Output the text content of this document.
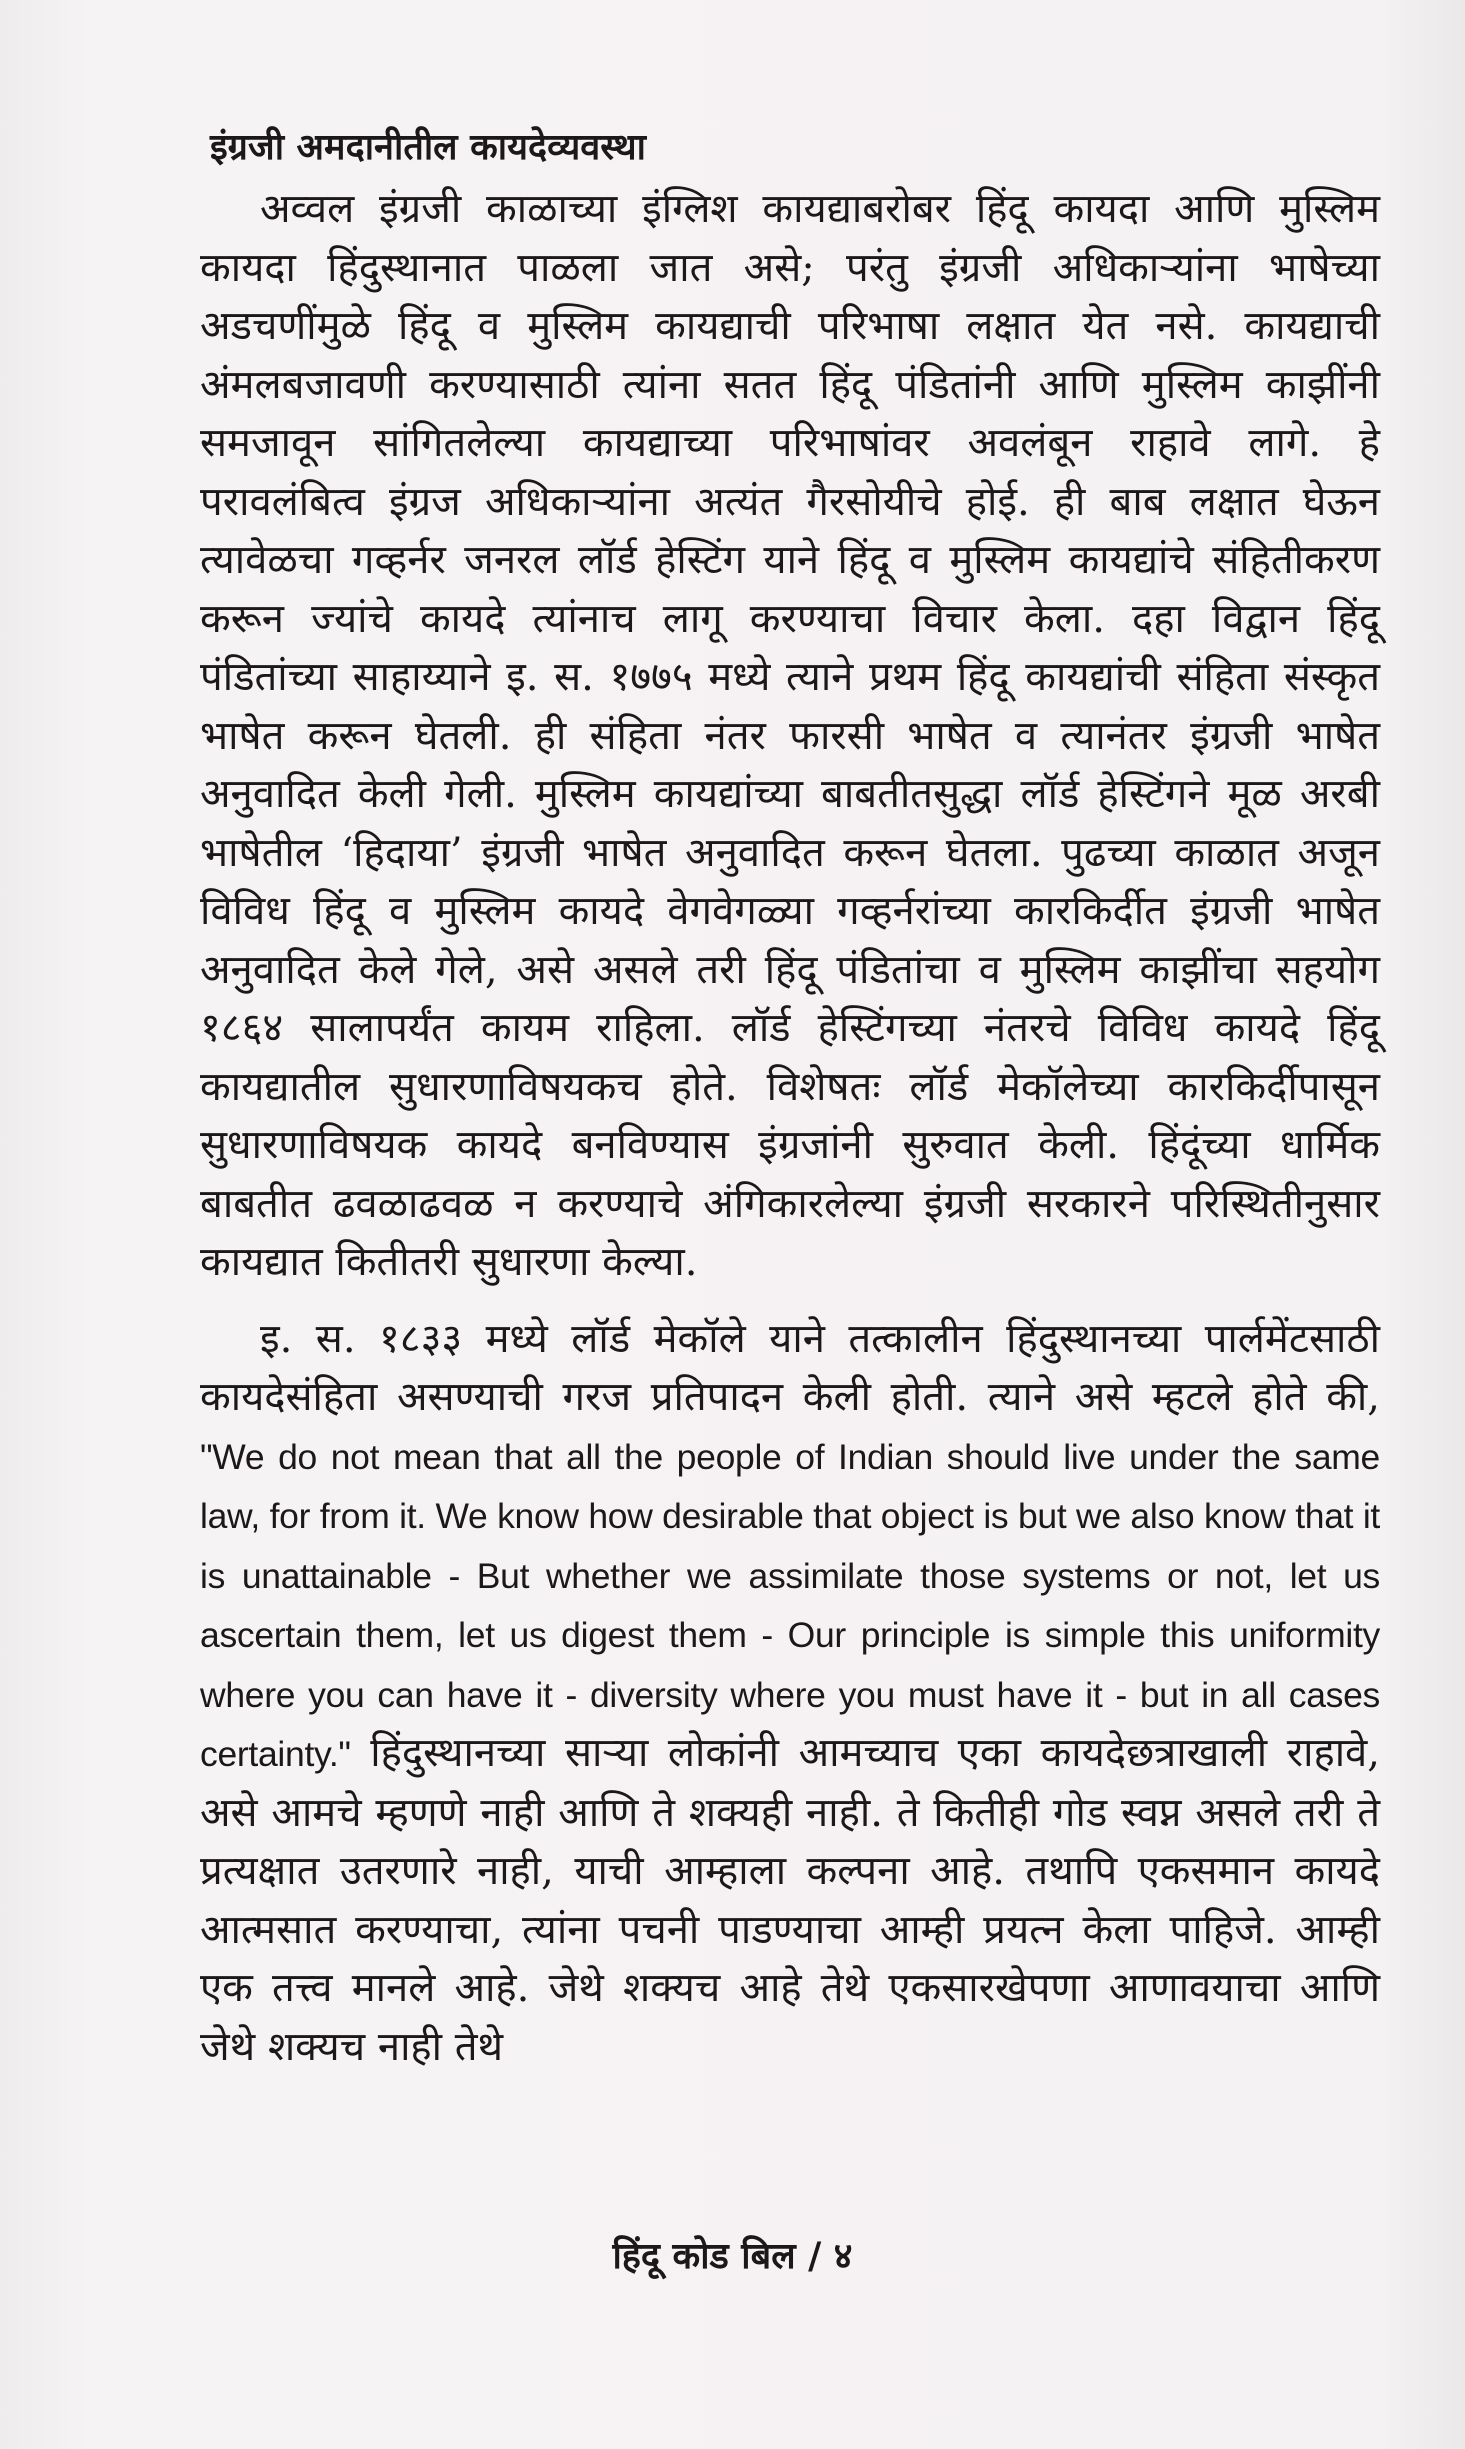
इंग्रजी अमदानीतील कायदेव्यवस्था

अव्वल इंग्रजी काळाच्या इंग्लिश कायद्याबरोबर हिंदू कायदा आणि मुस्लिम कायदा हिंदुस्थानात पाळला जात असे; परंतु इंग्रजी अधिकाऱ्यांना भाषेच्या अडचणींमुळे हिंदू व मुस्लिम कायद्याची परिभाषा लक्षात येत नसे. कायद्याची अंमलबजावणी करण्यासाठी त्यांना सतत हिंदू पंडितांनी आणि मुस्लिम काझींनी समजावून सांगितलेल्या कायद्याच्या परिभाषांवर अवलंबून राहावे लागे. हे परावलंबित्व इंग्रज अधिकाऱ्यांना अत्यंत गैरसोयीचे होई. ही बाब लक्षात घेऊन त्यावेळचा गव्हर्नर जनरल लॉर्ड हेस्टिंग याने हिंदू व मुस्लिम कायद्यांचे संहितीकरण करून ज्यांचे कायदे त्यांनाच लागू करण्याचा विचार केला. दहा विद्वान हिंदू पंडितांच्या साहाय्याने इ. स. १७७५ मध्ये त्याने प्रथम हिंदू कायद्यांची संहिता संस्कृत भाषेत करून घेतली. ही संहिता नंतर फारसी भाषेत व त्यानंतर इंग्रजी भाषेत अनुवादित केली गेली. मुस्लिम कायद्यांच्या बाबतीतसुद्धा लॉर्ड हेस्टिंगने मूळ अरबी भाषेतील ‘हिदाया’ इंग्रजी भाषेत अनुवादित करून घेतला. पुढच्या काळात अजून विविध हिंदू व मुस्लिम कायदे वेगवेगळ्या गव्हर्नरांच्या कारकिर्दीत इंग्रजी भाषेत अनुवादित केले गेले, असे असले तरी हिंदू पंडितांचा व मुस्लिम काझींचा सहयोग १८६४ सालापर्यंत कायम राहिला. लॉर्ड हेस्टिंगच्या नंतरचे विविध कायदे हिंदू कायद्यातील सुधारणाविषयकच होते. विशेषतः लॉर्ड मेकॉलेच्या कारकिर्दीपासून सुधारणाविषयक कायदे बनविण्यास इंग्रजांनी सुरुवात केली. हिंदूंच्या धार्मिक बाबतीत ढवळाढवळ न करण्याचे अंगिकारलेल्या इंग्रजी सरकारने परिस्थितीनुसार कायद्यात कितीतरी सुधारणा केल्या.

इ. स. १८३३ मध्ये लॉर्ड मेकॉले याने तत्कालीन हिंदुस्थानच्या पार्लमेंटसाठी कायदेसंहिता असण्याची गरज प्रतिपादन केली होती. त्याने असे म्हटले होते की, "We do not mean that all the people of Indian should live under the same law, for from it. We know how desirable that object is but we also know that it is unattainable - But whether we assimilate those systems or not, let us ascertain them, let us digest them - Our principle is simple this uniformity where you can have it - diversity where you must have it - but in all cases certainty." हिंदुस्थानच्या साऱ्या लोकांनी आमच्याच एका कायदेछत्राखाली राहावे, असे आमचे म्हणणे नाही आणि ते शक्यही नाही. ते कितीही गोड स्वप्न असले तरी ते प्रत्यक्षात उतरणारे नाही, याची आम्हाला कल्पना आहे. तथापि एकसमान कायदे आत्मसात करण्याचा, त्यांना पचनी पाडण्याचा आम्ही प्रयत्न केला पाहिजे. आम्ही एक तत्त्व मानले आहे. जेथे शक्यच आहे तेथे एकसारखेपणा आणावयाचा आणि जेथे शक्यच नाही तेथे

हिंदू कोड बिल / ४
